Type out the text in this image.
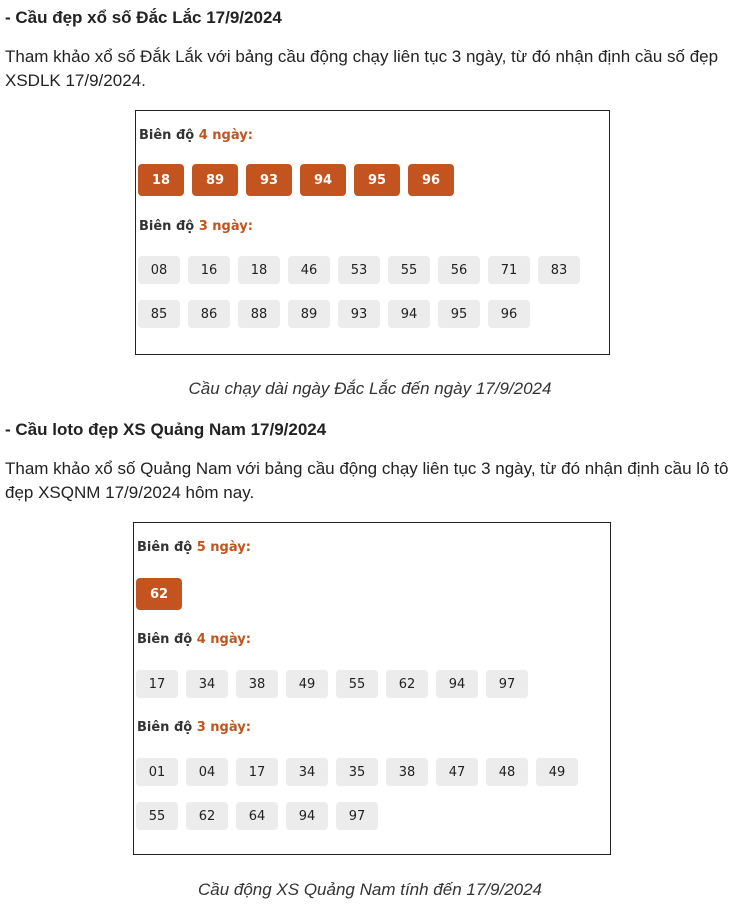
- Cầu đẹp xổ số Đắc Lắc 17/9/2024

Tham khảo xổ số Đắk Lắk với bảng cầu động chạy liên tục 3 ngày, từ đó nhận định cầu số đẹp XSDLK 17/9/2024.

Biên độ 4 ngày:
18	89	93	94	95	96
Biên độ 3 ngày:
08	16	18	46	53	55	56	71	83
85	86	88	89	93	94	95	96
Cầu chạy dài ngày Đắc Lắc đến ngày 17/9/2024
- Cầu loto đẹp XS Quảng Nam 17/9/2024

Tham khảo xổ số Quảng Nam với bảng cầu động chạy liên tục 3 ngày, từ đó nhận định cầu lô tô đẹp XSQNM 17/9/2024 hôm nay.

Biên độ 5 ngày:
62
Biên độ 4 ngày:
17	34	38	49	55	62	94	97
Biên độ 3 ngày:
01	04	17	34	35	38	47	48	49
55	62	64	94	97
Cầu động XS Quảng Nam tính đến 17/9/2024
